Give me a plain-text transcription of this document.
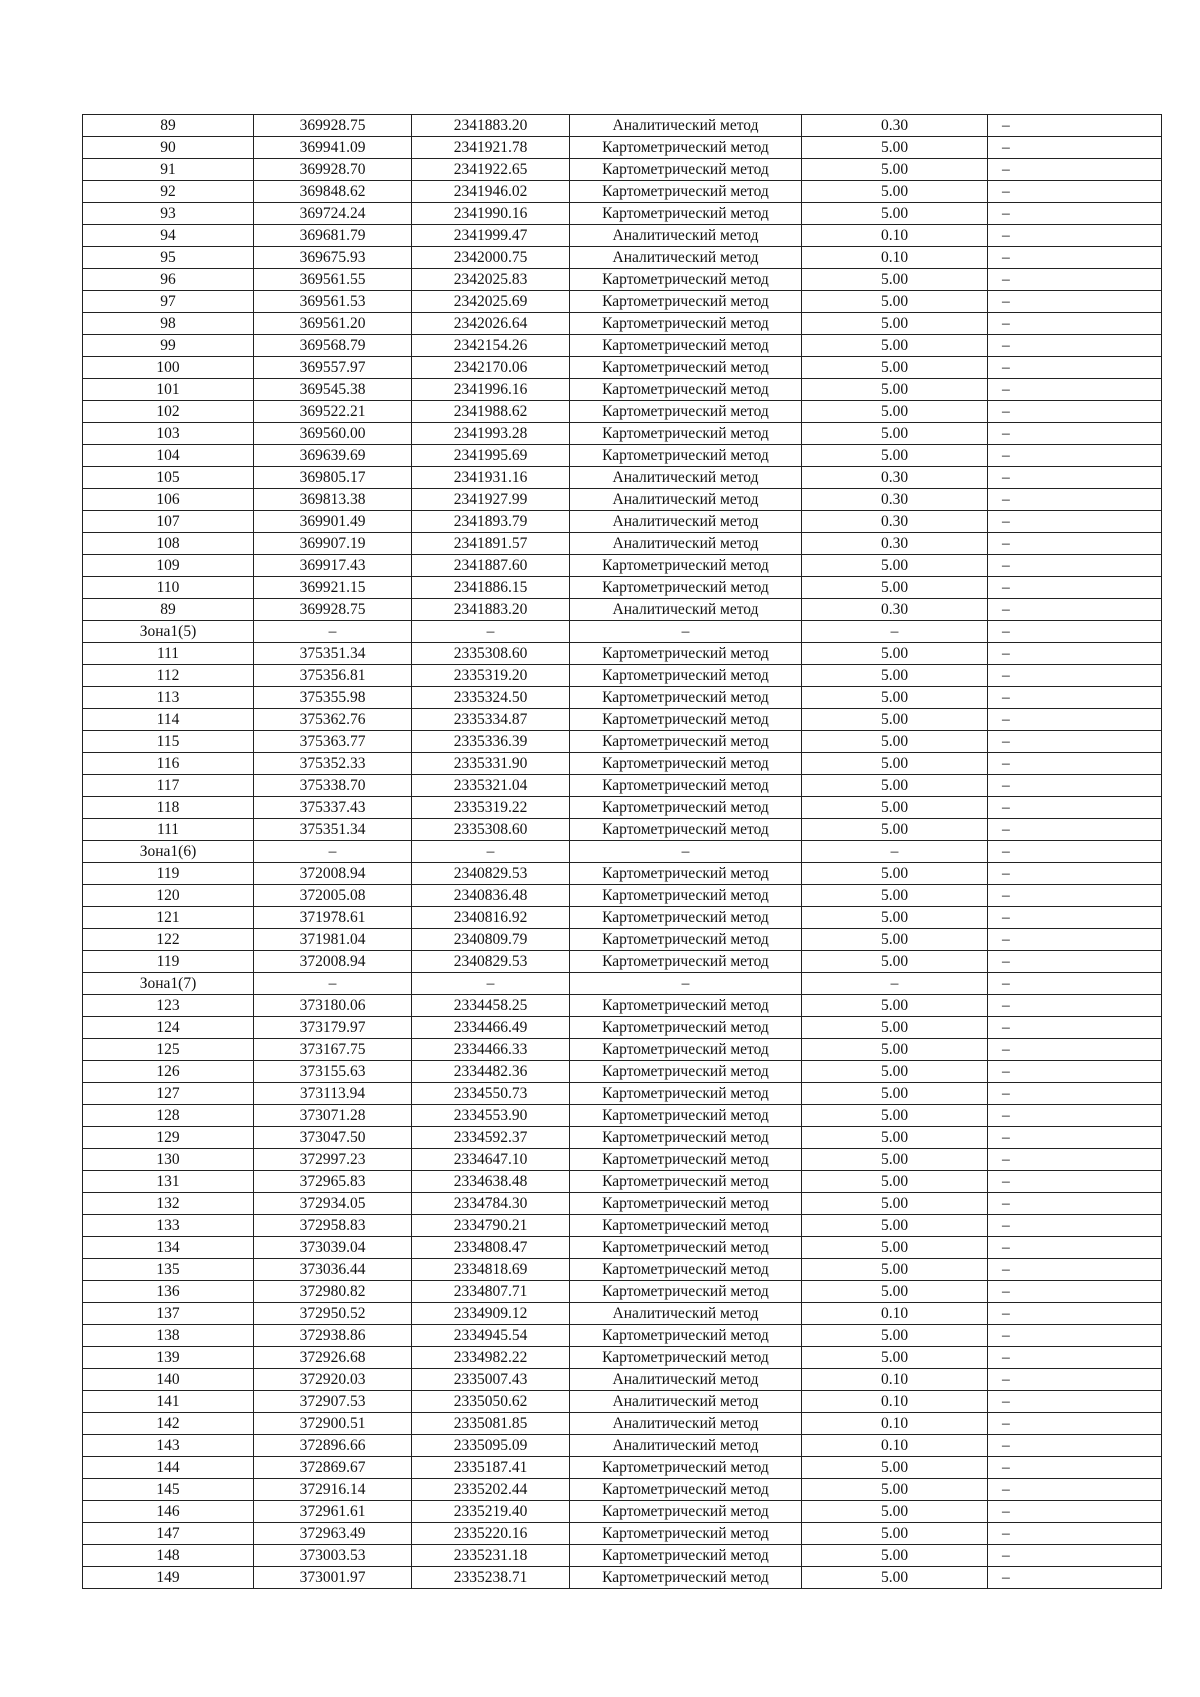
89	369928.75	2341883.20	Аналитический метод	0.30	–
90	369941.09	2341921.78	Картометрический метод	5.00	–
91	369928.70	2341922.65	Картометрический метод	5.00	–
92	369848.62	2341946.02	Картометрический метод	5.00	–
93	369724.24	2341990.16	Картометрический метод	5.00	–
94	369681.79	2341999.47	Аналитический метод	0.10	–
95	369675.93	2342000.75	Аналитический метод	0.10	–
96	369561.55	2342025.83	Картометрический метод	5.00	–
97	369561.53	2342025.69	Картометрический метод	5.00	–
98	369561.20	2342026.64	Картометрический метод	5.00	–
99	369568.79	2342154.26	Картометрический метод	5.00	–
100	369557.97	2342170.06	Картометрический метод	5.00	–
101	369545.38	2341996.16	Картометрический метод	5.00	–
102	369522.21	2341988.62	Картометрический метод	5.00	–
103	369560.00	2341993.28	Картометрический метод	5.00	–
104	369639.69	2341995.69	Картометрический метод	5.00	–
105	369805.17	2341931.16	Аналитический метод	0.30	–
106	369813.38	2341927.99	Аналитический метод	0.30	–
107	369901.49	2341893.79	Аналитический метод	0.30	–
108	369907.19	2341891.57	Аналитический метод	0.30	–
109	369917.43	2341887.60	Картометрический метод	5.00	–
110	369921.15	2341886.15	Картометрический метод	5.00	–
89	369928.75	2341883.20	Аналитический метод	0.30	–
Зона1(5)	–	–	–	–	–
111	375351.34	2335308.60	Картометрический метод	5.00	–
112	375356.81	2335319.20	Картометрический метод	5.00	–
113	375355.98	2335324.50	Картометрический метод	5.00	–
114	375362.76	2335334.87	Картометрический метод	5.00	–
115	375363.77	2335336.39	Картометрический метод	5.00	–
116	375352.33	2335331.90	Картометрический метод	5.00	–
117	375338.70	2335321.04	Картометрический метод	5.00	–
118	375337.43	2335319.22	Картометрический метод	5.00	–
111	375351.34	2335308.60	Картометрический метод	5.00	–
Зона1(6)	–	–	–	–	–
119	372008.94	2340829.53	Картометрический метод	5.00	–
120	372005.08	2340836.48	Картометрический метод	5.00	–
121	371978.61	2340816.92	Картометрический метод	5.00	–
122	371981.04	2340809.79	Картометрический метод	5.00	–
119	372008.94	2340829.53	Картометрический метод	5.00	–
Зона1(7)	–	–	–	–	–
123	373180.06	2334458.25	Картометрический метод	5.00	–
124	373179.97	2334466.49	Картометрический метод	5.00	–
125	373167.75	2334466.33	Картометрический метод	5.00	–
126	373155.63	2334482.36	Картометрический метод	5.00	–
127	373113.94	2334550.73	Картометрический метод	5.00	–
128	373071.28	2334553.90	Картометрический метод	5.00	–
129	373047.50	2334592.37	Картометрический метод	5.00	–
130	372997.23	2334647.10	Картометрический метод	5.00	–
131	372965.83	2334638.48	Картометрический метод	5.00	–
132	372934.05	2334784.30	Картометрический метод	5.00	–
133	372958.83	2334790.21	Картометрический метод	5.00	–
134	373039.04	2334808.47	Картометрический метод	5.00	–
135	373036.44	2334818.69	Картометрический метод	5.00	–
136	372980.82	2334807.71	Картометрический метод	5.00	–
137	372950.52	2334909.12	Аналитический метод	0.10	–
138	372938.86	2334945.54	Картометрический метод	5.00	–
139	372926.68	2334982.22	Картометрический метод	5.00	–
140	372920.03	2335007.43	Аналитический метод	0.10	–
141	372907.53	2335050.62	Аналитический метод	0.10	–
142	372900.51	2335081.85	Аналитический метод	0.10	–
143	372896.66	2335095.09	Аналитический метод	0.10	–
144	372869.67	2335187.41	Картометрический метод	5.00	–
145	372916.14	2335202.44	Картометрический метод	5.00	–
146	372961.61	2335219.40	Картометрический метод	5.00	–
147	372963.49	2335220.16	Картометрический метод	5.00	–
148	373003.53	2335231.18	Картометрический метод	5.00	–
149	373001.97	2335238.71	Картометрический метод	5.00	–
